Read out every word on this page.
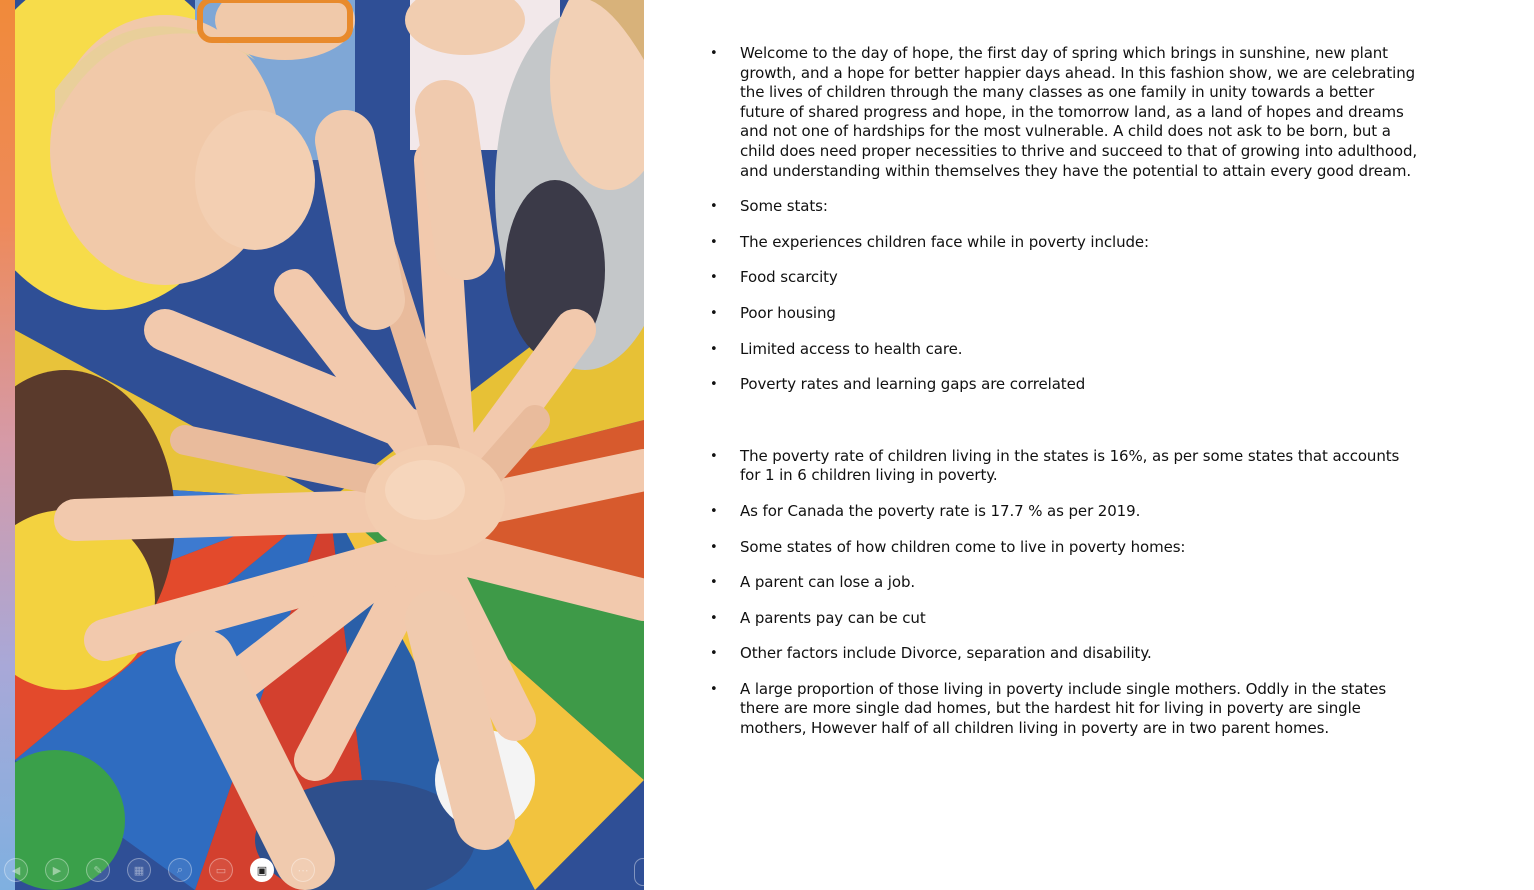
◀	▶	✎	▦	⌕	▭	▣	⋯
• Welcome to the day of hope, the first day of spring which brings in sunshine, new plant growth, and a hope for better happier days ahead. In this fashion show, we are celebrating the lives of children through the many classes as one family in unity towards a better future of shared progress and hope, in the tomorrow land, as a land of hopes and dreams and not one of hardships for the most vulnerable. A child does not ask to be born, but a child does need proper necessities to thrive and succeed to that of growing into adulthood, and understanding within themselves they have the potential to attain every good dream.
• Some stats:
• The experiences children face while in poverty include:
• Food scarcity
• Poor housing
• Limited access to health care.
• Poverty rates and learning gaps are correlated
• The poverty rate of children living in the states is 16%, as per some states that accounts for 1 in 6 children living in poverty.
• As for Canada the poverty rate is 17.7 % as per 2019.
• Some states of how children come to live in poverty homes:
• A parent can lose a job.
• A parents pay can be cut
• Other factors include Divorce, separation and disability.
• A large proportion of those living in poverty include single mothers. Oddly in the states there are more single dad homes, but the hardest hit for living in poverty are single mothers, However half of all children living in poverty are in two parent homes.
